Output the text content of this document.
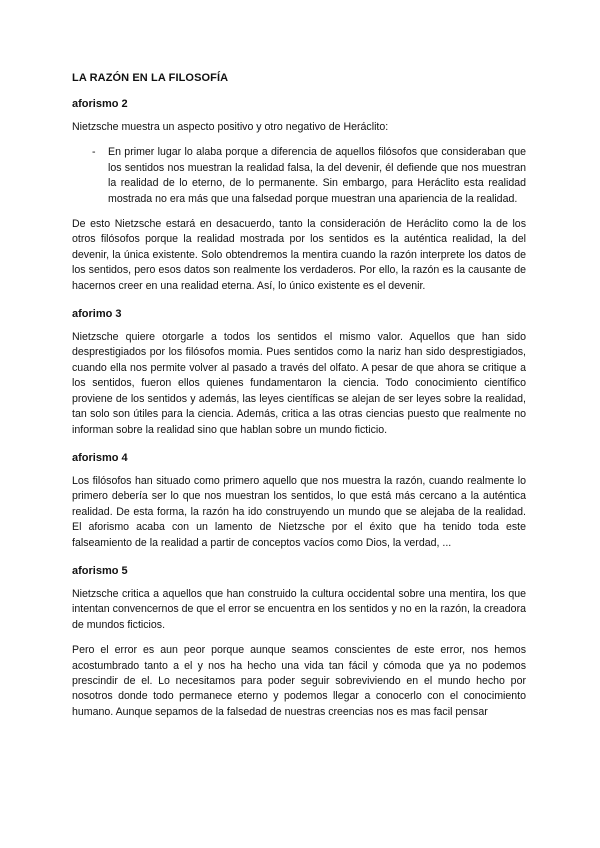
LA RAZÓN EN LA FILOSOFÍA
aforismo 2

Nietzsche muestra un aspecto positivo y otro negativo de Heráclito:

- En primer lugar lo alaba porque a diferencia de aquellos filósofos que consideraban que los sentidos nos muestran la realidad falsa, la del devenir, él defiende que nos muestran la realidad de lo eterno, de lo permanente. Sin embargo, para Heráclito esta realidad mostrada no era más que una falsedad porque muestran una apariencia de la realidad.

De esto Nietzsche estará en desacuerdo, tanto la consideración de Heráclito como la de los otros filósofos porque la realidad mostrada por los sentidos es la auténtica realidad, la del devenir, la única existente. Solo obtendremos la mentira cuando la razón interprete los datos de los sentidos, pero esos datos son realmente los verdaderos. Por ello, la razón es la causante de hacernos creer en una realidad eterna. Así, lo único existente es el devenir.

aforimo 3

Nietzsche quiere otorgarle a todos los sentidos el mismo valor. Aquellos que han sido desprestigiados por los filósofos momia. Pues sentidos como la nariz han sido desprestigiados, cuando ella nos permite volver al pasado a través del olfato. A pesar de que ahora se critique a los sentidos, fueron ellos quienes fundamentaron la ciencia. Todo conocimiento científico proviene de los sentidos y además, las leyes científicas se alejan de ser leyes sobre la realidad, tan solo son útiles para la ciencia. Además, critica a las otras ciencias puesto que realmente no informan sobre la realidad sino que hablan sobre un mundo ficticio.

aforismo 4

Los filósofos han situado como primero aquello que nos muestra la razón, cuando realmente lo primero debería ser lo que nos muestran los sentidos, lo que está más cercano a la auténtica realidad. De esta forma, la razón ha ido construyendo un mundo que se alejaba de la realidad. El aforismo acaba con un lamento de Nietzsche por el éxito que ha tenido toda este falseamiento de la realidad a partir de conceptos vacíos como Dios, la verdad, ...

aforismo 5

Nietzsche critica a aquellos que han construido la cultura occidental sobre una mentira, los que intentan convencernos de que el error se encuentra en los sentidos y no en la razón, la creadora de mundos ficticios.

Pero el error es aun peor porque aunque seamos conscientes de este error, nos hemos acostumbrado tanto a el y nos ha hecho una vida tan fácil y cómoda que ya no podemos prescindir de el. Lo necesitamos para poder seguir sobreviviendo en el mundo hecho por nosotros donde todo permanece eterno y podemos llegar a conocerlo con el conocimiento humano. Aunque sepamos de la falsedad de nuestras creencias nos es mas facil pensar
